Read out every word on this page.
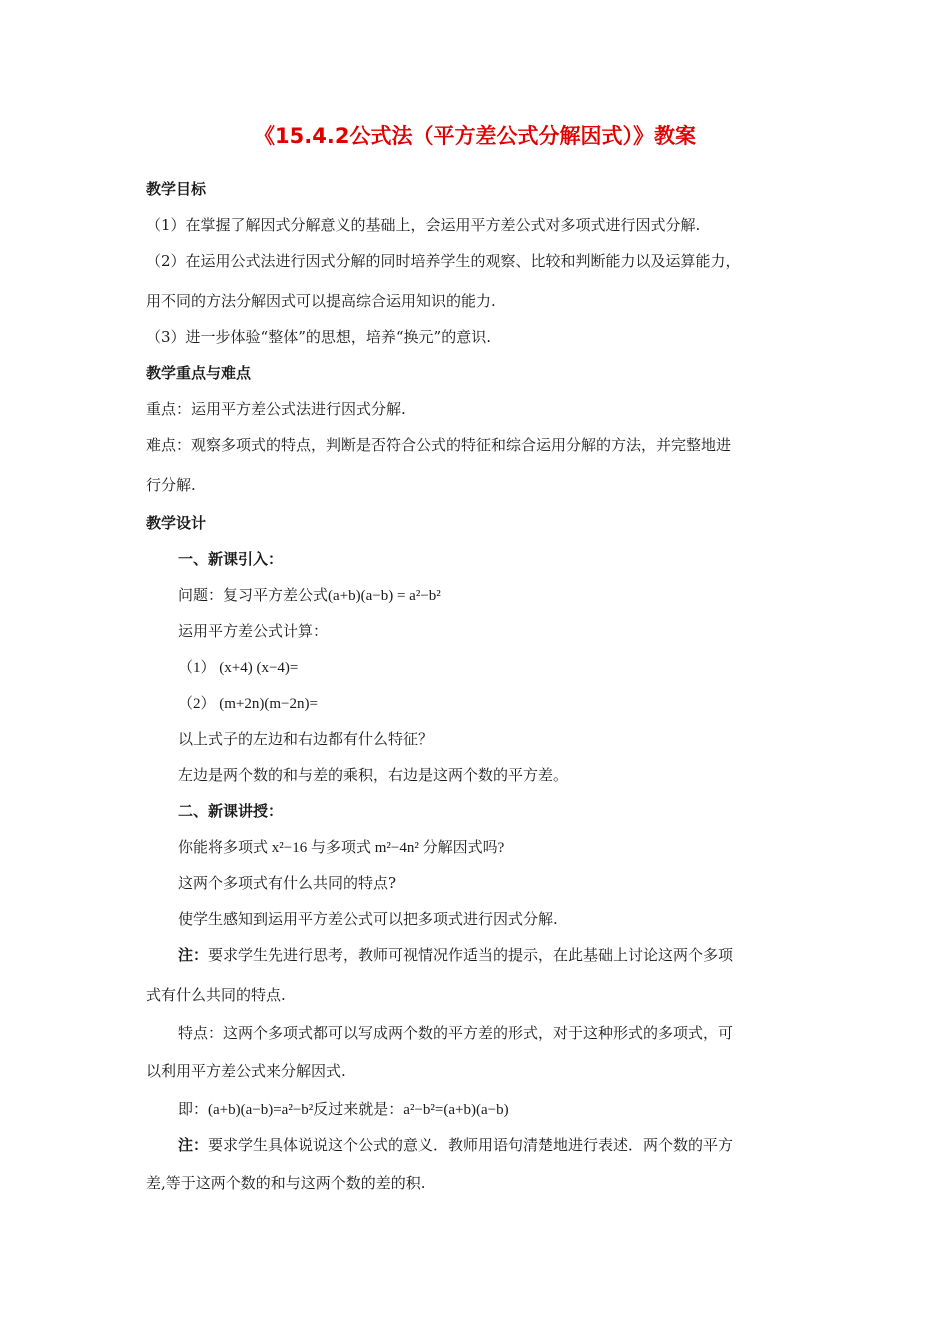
《15.4.2公式法（平方差公式分解因式）》教案
教学目标
（1）在掌握了解因式分解意义的基础上，会运用平方差公式对多项式进行因式分解.
（2）在运用公式法进行因式分解的同时培养学生的观察、比较和判断能力以及运算能力，
用不同的方法分解因式可以提高综合运用知识的能力.
（3）进一步体验“整体”的思想，培养“换元”的意识.
教学重点与难点
重点：运用平方差公式法进行因式分解.
难点：观察多项式的特点，判断是否符合公式的特征和综合运用分解的方法，并完整地进
行分解.
教学设计
一、新课引入：
问题：复习平方差公式(a+b)(a−b) = a²−b²
运用平方差公式计算：
（1） (x+4) (x−4)=
（2） (m+2n)(m−2n)=
以上式子的左边和右边都有什么特征？
左边是两个数的和与差的乘积，右边是这两个数的平方差。
二、新课讲授：
你能将多项式 x²−16 与多项式 m²−4n² 分解因式吗?
这两个多项式有什么共同的特点?
使学生感知到运用平方差公式可以把多项式进行因式分解.
注：要求学生先进行思考，教师可视情况作适当的提示，在此基础上讨论这两个多项
式有什么共同的特点.
特点：这两个多项式都可以写成两个数的平方差的形式，对于这种形式的多项式，可
以利用平方差公式来分解因式.
即：(a+b)(a−b)=a²−b²反过来就是：a²−b²=(a+b)(a−b)
注：要求学生具体说说这个公式的意义．教师用语句清楚地进行表述．两个数的平方
差,等于这两个数的和与这两个数的差的积.
